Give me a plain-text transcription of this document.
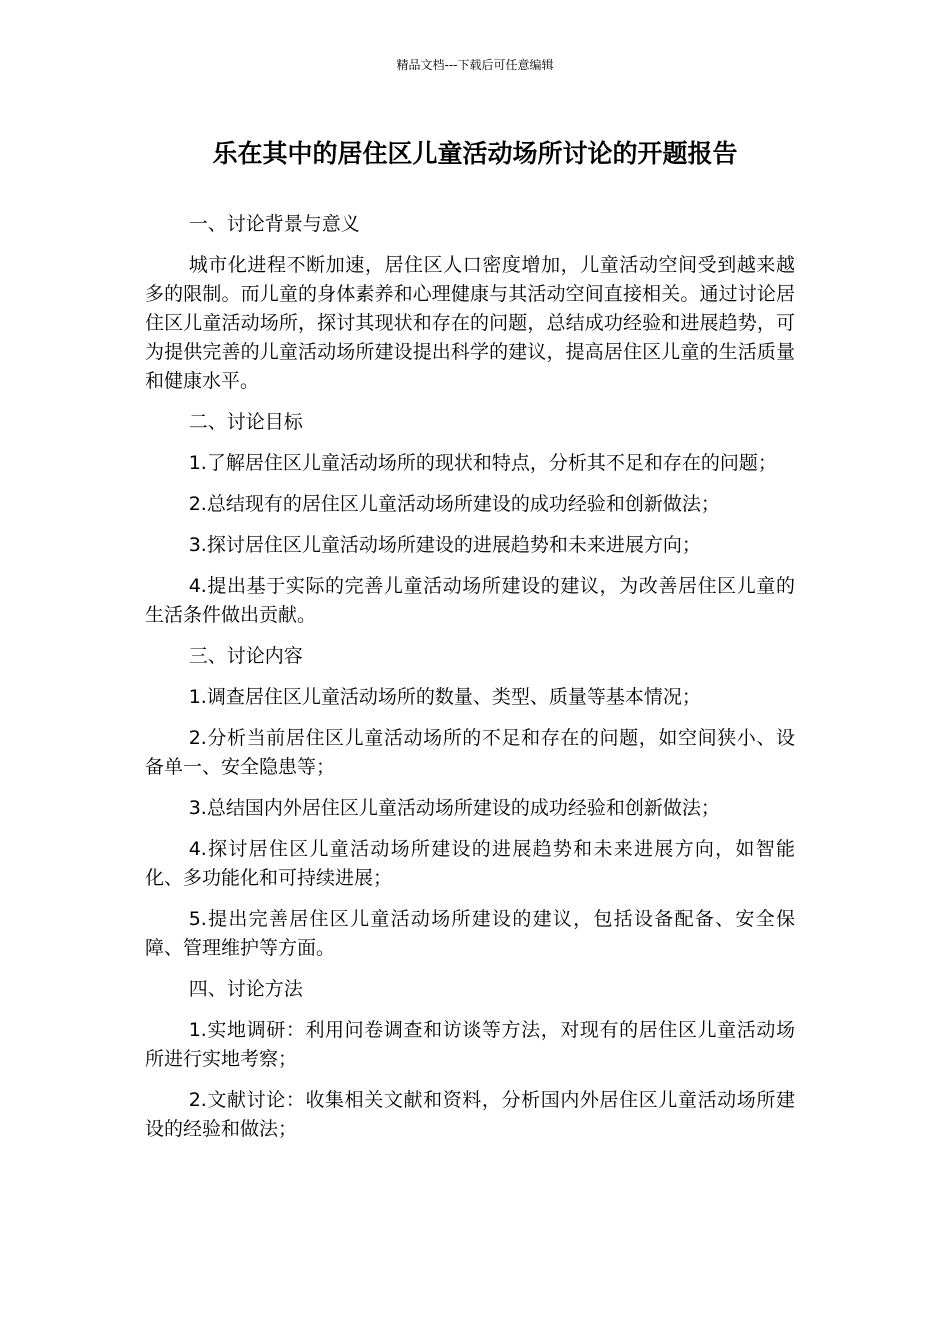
精品文档---下载后可任意编辑
乐在其中的居住区儿童活动场所讨论的开题报告

一、讨论背景与意义

城市化进程不断加速，居住区人口密度增加，儿童活动空间受到越来越多的限制。而儿童的身体素养和心理健康与其活动空间直接相关。通过讨论居住区儿童活动场所，探讨其现状和存在的问题，总结成功经验和进展趋势，可为提供完善的儿童活动场所建设提出科学的建议，提高居住区儿童的生活质量和健康水平。

二、讨论目标

1.了解居住区儿童活动场所的现状和特点，分析其不足和存在的问题；

2.总结现有的居住区儿童活动场所建设的成功经验和创新做法；

3.探讨居住区儿童活动场所建设的进展趋势和未来进展方向；

4.提出基于实际的完善儿童活动场所建设的建议，为改善居住区儿童的生活条件做出贡献。

三、讨论内容

1.调查居住区儿童活动场所的数量、类型、质量等基本情况；

2.分析当前居住区儿童活动场所的不足和存在的问题，如空间狭小、设备单一、安全隐患等；

3.总结国内外居住区儿童活动场所建设的成功经验和创新做法；

4.探讨居住区儿童活动场所建设的进展趋势和未来进展方向，如智能化、多功能化和可持续进展；

5.提出完善居住区儿童活动场所建设的建议，包括设备配备、安全保障、管理维护等方面。

四、讨论方法

1.实地调研：利用问卷调查和访谈等方法，对现有的居住区儿童活动场所进行实地考察；

2.文献讨论：收集相关文献和资料，分析国内外居住区儿童活动场所建设的经验和做法；
